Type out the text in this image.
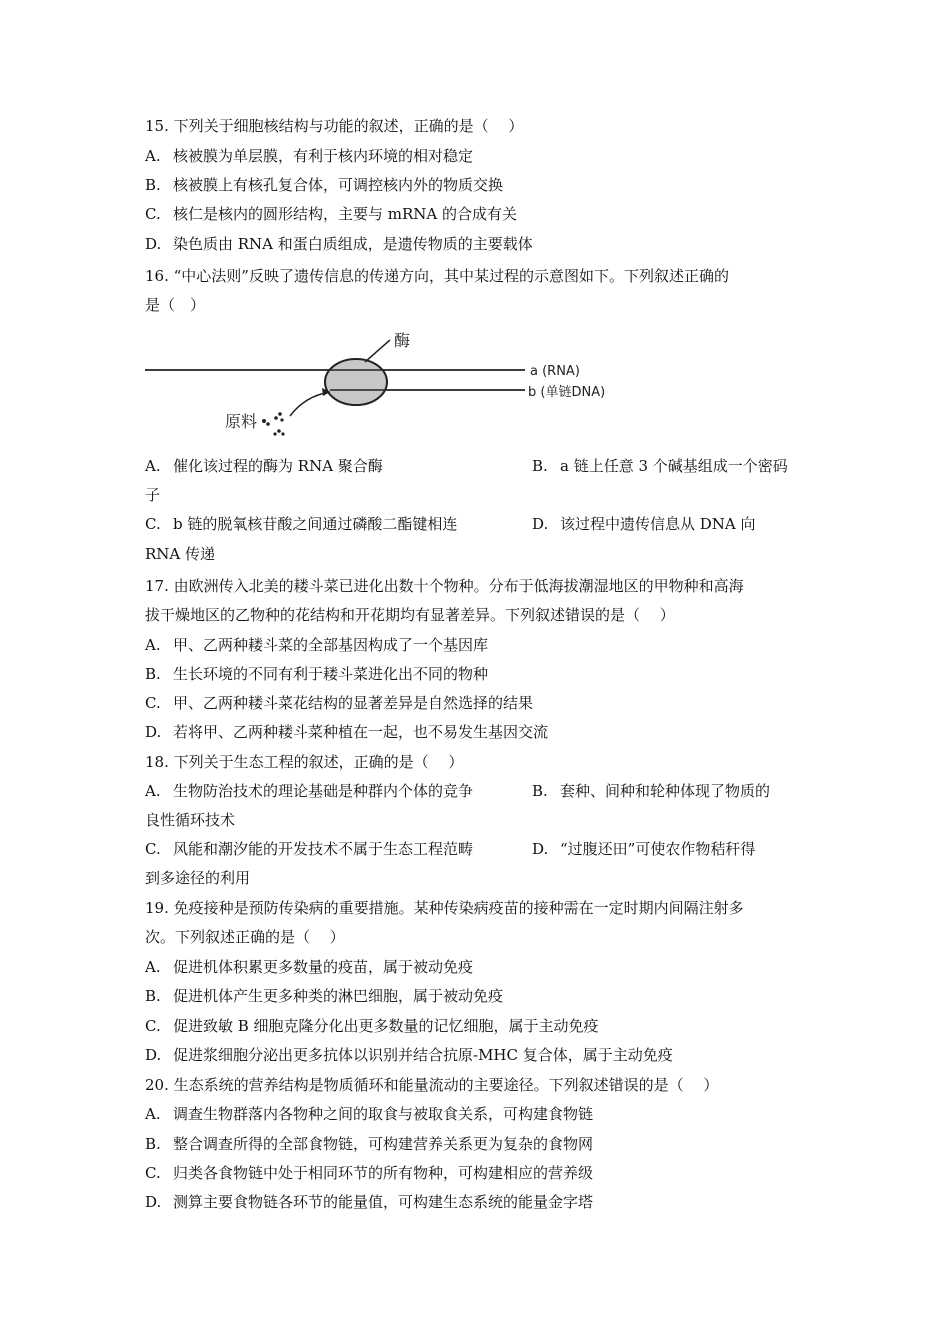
15. 下列关于细胞核结构与功能的叙述，正确的是（　 ）
A. 核被膜为单层膜，有利于核内环境的相对稳定
B. 核被膜上有核孔复合体，可调控核内外的物质交换
C. 核仁是核内的圆形结构，主要与 mRNA 的合成有关
D. 染色质由 RNA 和蛋白质组成，是遗传物质的主要载体
16. “中心法则”反映了遗传信息的传递方向，其中某过程的示意图如下。下列叙述正确的
是（　）
酶
a (RNA)
b (单链DNA)
原料
A. 催化该过程的酶为 RNA 聚合酶	B. a 链上任意 3 个碱基组成一个密码
子
C. b 链的脱氧核苷酸之间通过磷酸二酯键相连	D. 该过程中遗传信息从 DNA 向
RNA 传递
17. 由欧洲传入北美的耧斗菜已进化出数十个物种。分布于低海拔潮湿地区的甲物种和高海
拔干燥地区的乙物种的花结构和开花期均有显著差异。下列叙述错误的是（　 ）
A. 甲、乙两种耧斗菜的全部基因构成了一个基因库
B. 生长环境的不同有利于耧斗菜进化出不同的物种
C. 甲、乙两种耧斗菜花结构的显著差异是自然选择的结果
D. 若将甲、乙两种耧斗菜种植在一起，也不易发生基因交流
18. 下列关于生态工程的叙述，正确的是（　 ）
A. 生物防治技术的理论基础是种群内个体的竞争	B. 套种、间种和轮种体现了物质的
良性循环技术
C. 风能和潮汐能的开发技术不属于生态工程范畴	D. “过腹还田”可使农作物秸秆得
到多途径的利用
19. 免疫接种是预防传染病的重要措施。某种传染病疫苗的接种需在一定时期内间隔注射多
次。下列叙述正确的是（　 ）
A. 促进机体积累更多数量的疫苗，属于被动免疫
B. 促进机体产生更多种类的淋巴细胞，属于被动免疫
C. 促进致敏 B 细胞克隆分化出更多数量的记忆细胞，属于主动免疫
D. 促进浆细胞分泌出更多抗体以识别并结合抗原-MHC 复合体，属于主动免疫
20. 生态系统的营养结构是物质循环和能量流动的主要途径。下列叙述错误的是（　 ）
A. 调查生物群落内各物种之间的取食与被取食关系，可构建食物链
B. 整合调查所得的全部食物链，可构建营养关系更为复杂的食物网
C. 归类各食物链中处于相同环节的所有物种，可构建相应的营养级
D. 测算主要食物链各环节的能量值，可构建生态系统的能量金字塔
